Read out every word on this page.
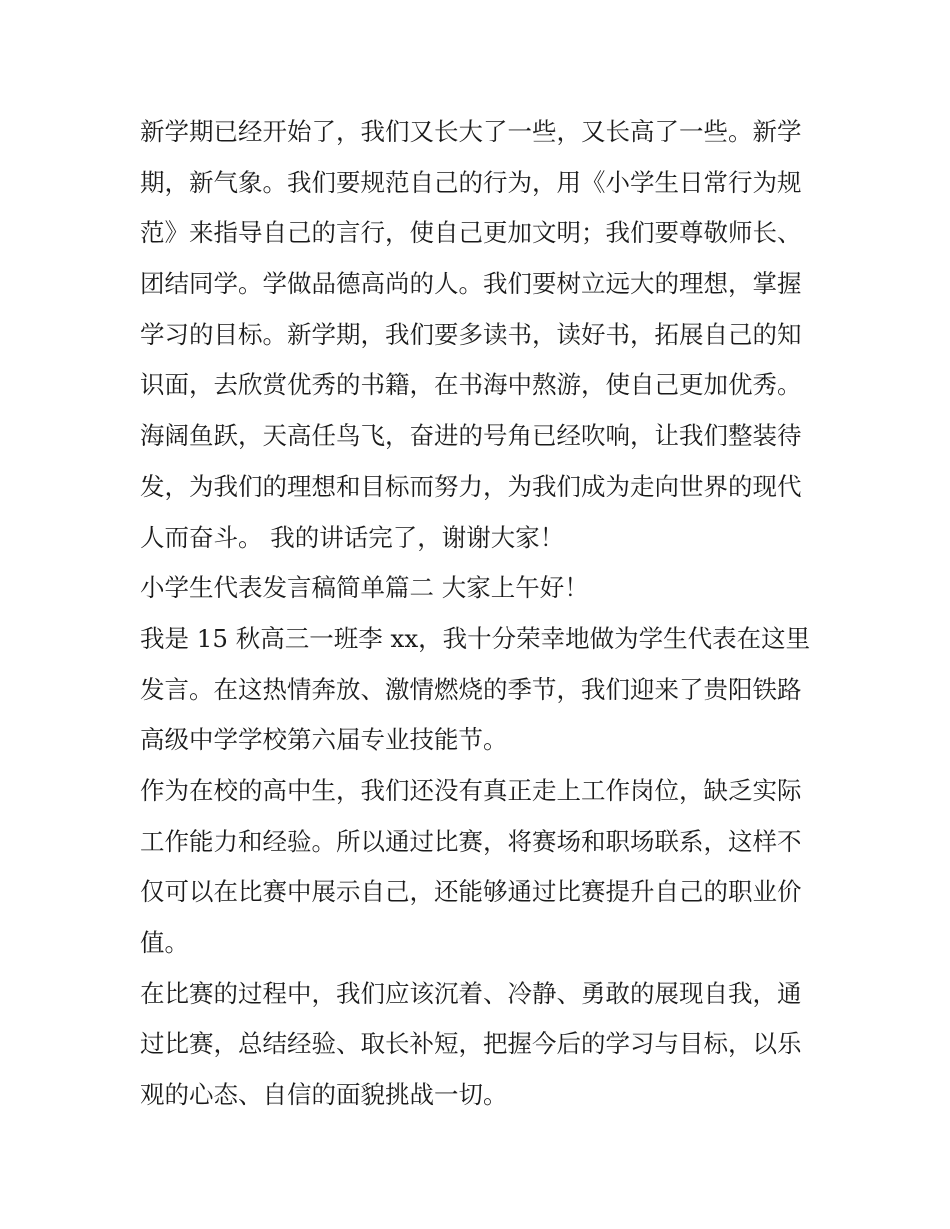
新学期已经开始了，我们又长大了一些，又长高了一些。新学
期，新气象。我们要规范自己的行为，用《小学生日常行为规
范》来指导自己的言行，使自己更加文明；我们要尊敬师长、
团结同学。学做品德高尚的人。我们要树立远大的理想，掌握
学习的目标。新学期，我们要多读书，读好书，拓展自己的知
识面，去欣赏优秀的书籍，在书海中熬游，使自己更加优秀。
海阔鱼跃，天高任鸟飞，奋进的号角已经吹响，让我们整装待
发，为我们的理想和目标而努力，为我们成为走向世界的现代
人而奋斗。 我的讲话完了，谢谢大家！
小学生代表发言稿简单篇二 大家上午好！
我是 15 秋高三一班李 xx，我十分荣幸地做为学生代表在这里
发言。在这热情奔放、激情燃烧的季节，我们迎来了贵阳铁路
高级中学学校第六届专业技能节。
作为在校的高中生，我们还没有真正走上工作岗位，缺乏实际
工作能力和经验。所以通过比赛，将赛场和职场联系，这样不
仅可以在比赛中展示自己，还能够通过比赛提升自己的职业价
值。
在比赛的过程中，我们应该沉着、冷静、勇敢的展现自我，通
过比赛，总结经验、取长补短，把握今后的学习与目标，以乐
观的心态、自信的面貌挑战一切。
